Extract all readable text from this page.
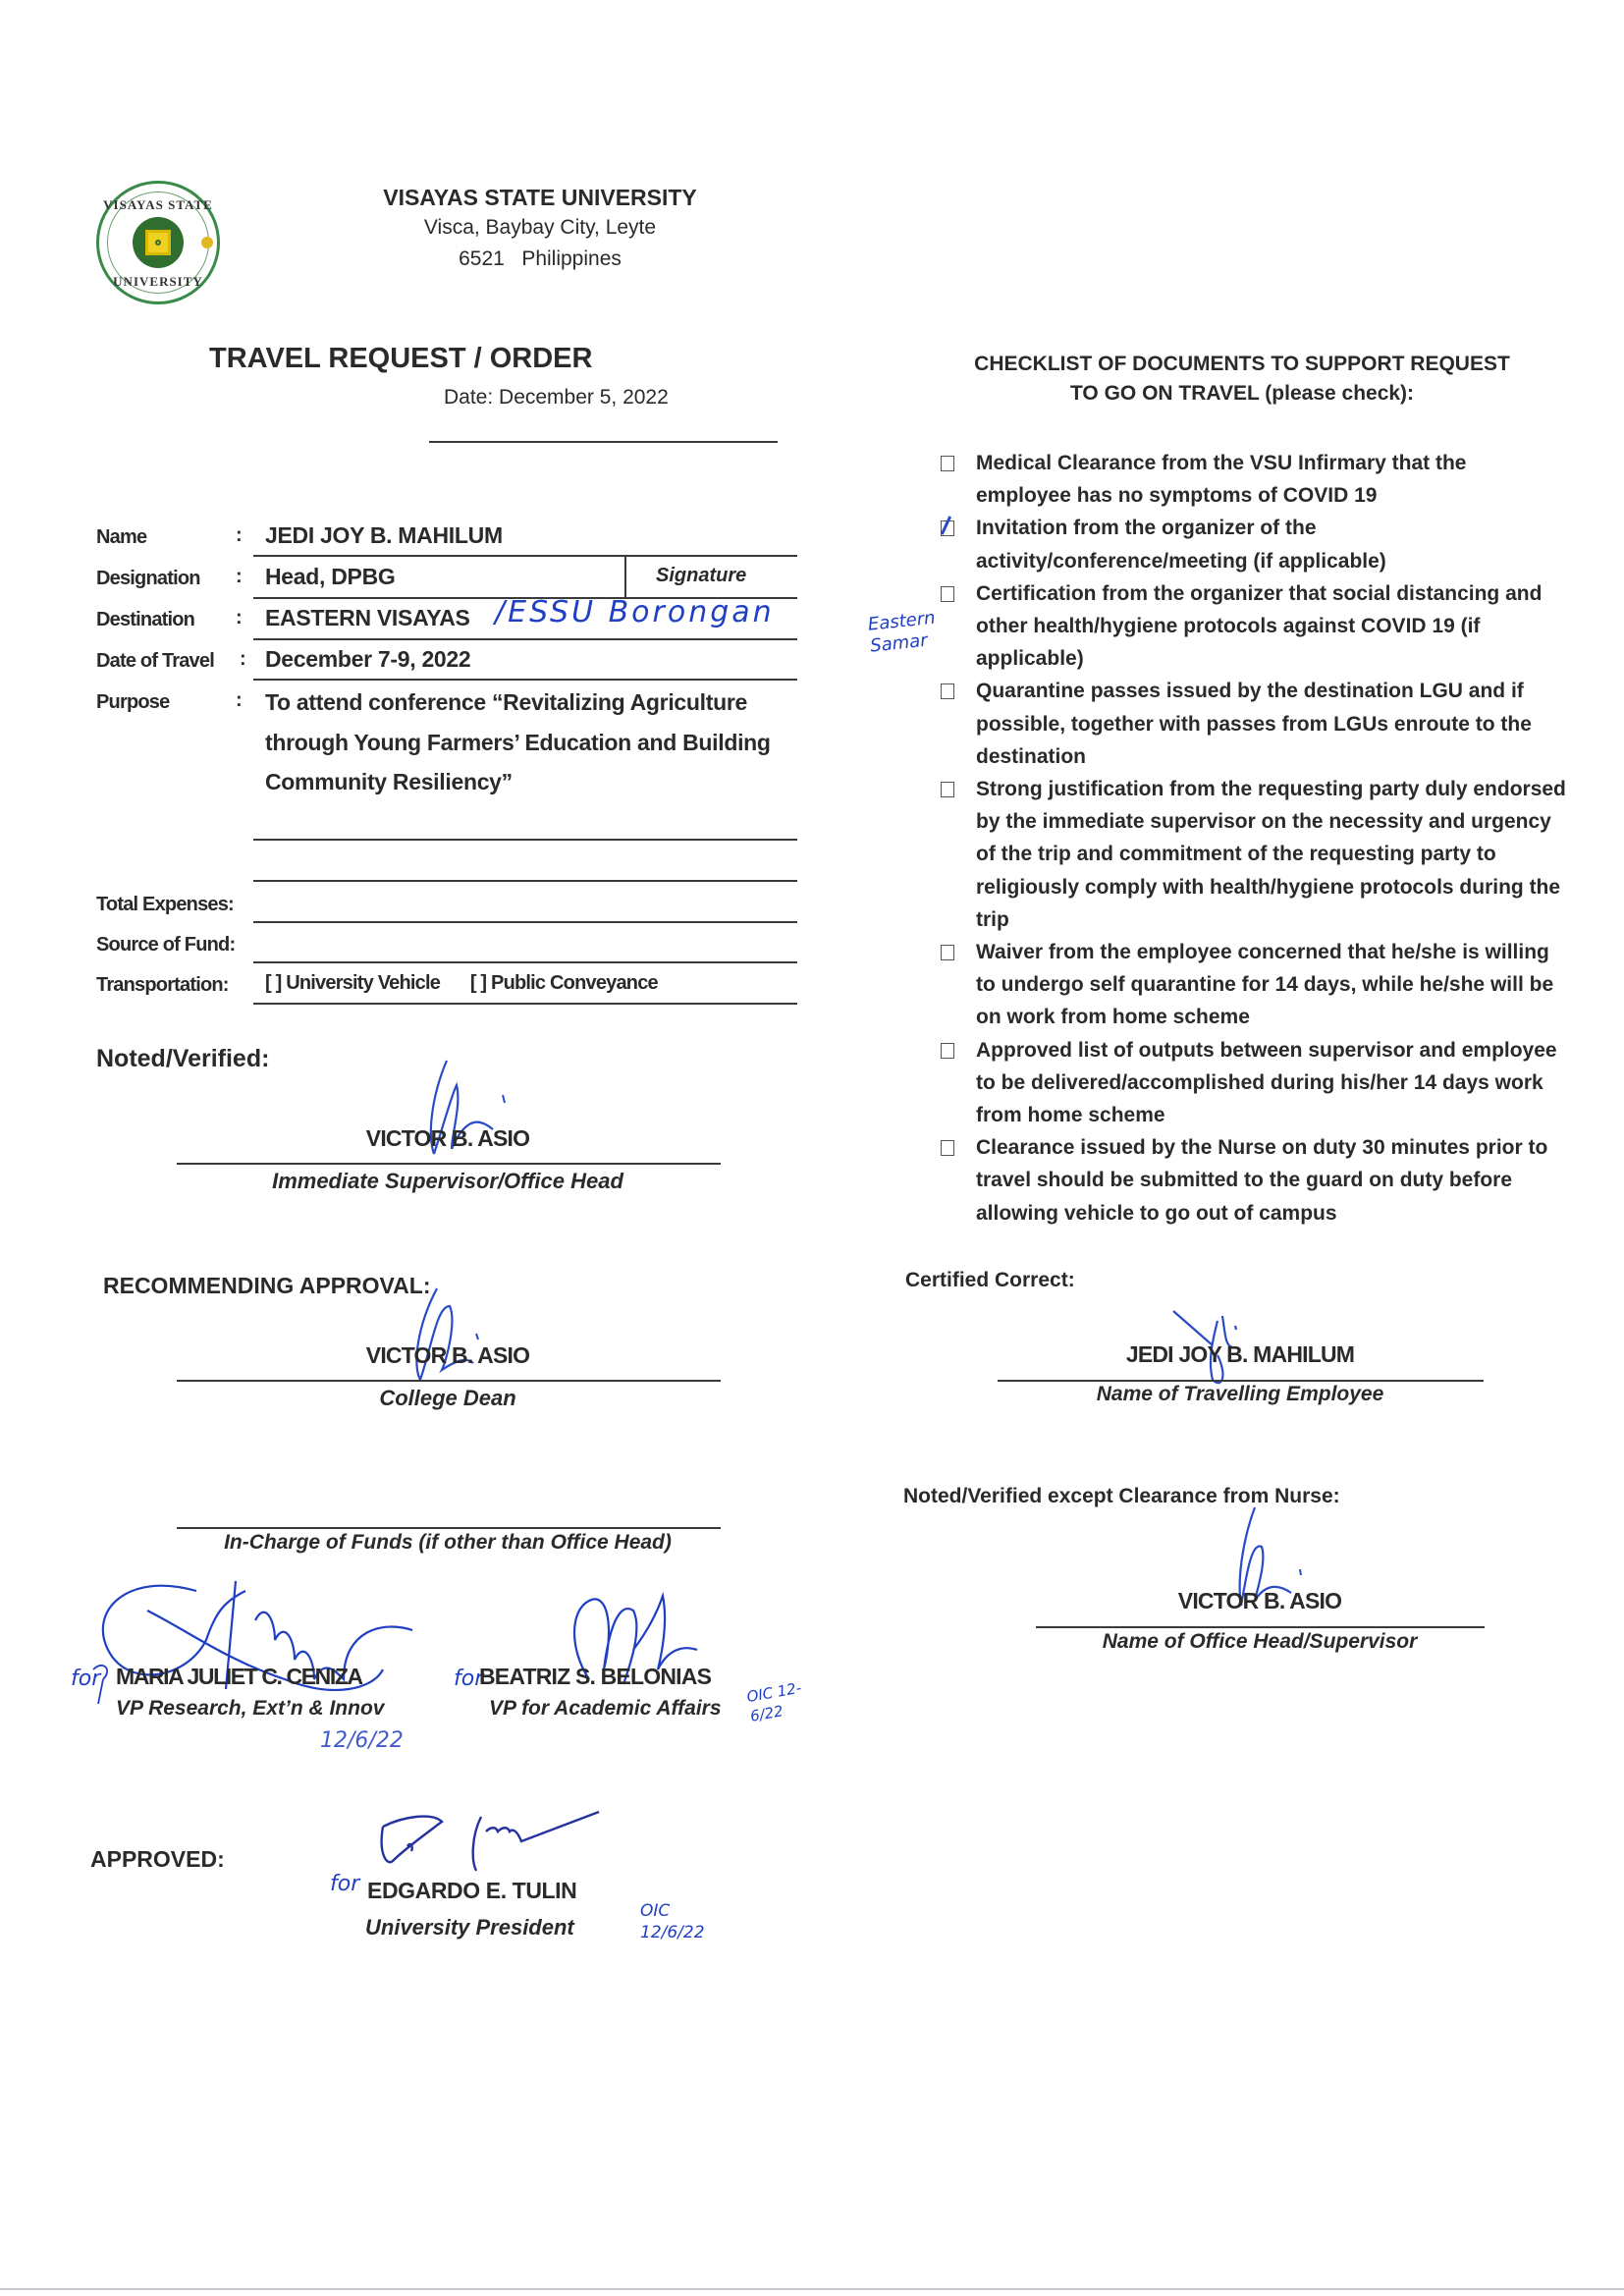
VISAYAS STATE
UNIVERSITY
VISAYAS STATE UNIVERSITY
Visca, Baybay City, Leyte
6521   Philippines
TRAVEL REQUEST / ORDER
Date: December 5, 2022
Name	: JEDI JOY B. MAHILUM
Designation : Head, DPBG	Signature
Destination : EASTERN VISAYAS /ESSU Borongan	Eastern Samar
Date of Travel : December 7-9, 2022
Purpose	: To attend conference “Revitalizing Agriculture through Young Farmers’ Education and Building Community Resiliency”
Total Expenses:
Source of Fund:
Transportation: [ ] University Vehicle [ ] Public Conveyance
Noted/Verified:
VICTOR B. ASIO
Immediate Supervisor/Office Head
RECOMMENDING APPROVAL:
VICTOR B. ASIO
College Dean
In-Charge of Funds (if other than Office Head)
for MARIA JULIET C. CENIZA
VP Research, Ext’n & Innov
12/6/22
for
BEATRIZ S. BELONIAS
VP for Academic Affairs
OIC 12-6/22
APPROVED:
for EDGARDO E. TULIN
University President
OIC 12/6/22
CHECKLIST OF DOCUMENTS TO SUPPORT REQUEST
TO GO ON TRAVEL (please check):
Medical Clearance from the VSU Infirmary that the employee has no symptoms of COVID 19
Invitation from the organizer of the activity/conference/meeting (if applicable)
Certification from the organizer that social distancing and other health/hygiene protocols against COVID 19 (if applicable)
Quarantine passes issued by the destination LGU and if possible, together with passes from LGUs enroute to the destination
Strong justification from the requesting party duly endorsed by the immediate supervisor on the necessity and urgency of the trip and commitment of the requesting party to religiously comply with health/hygiene protocols during the trip
Waiver from the employee concerned that he/she is willing to undergo self quarantine for 14 days, while he/she will be on work from home scheme
Approved list of outputs between supervisor and employee to be delivered/accomplished during his/her 14 days work from home scheme
Clearance issued by the Nurse on duty 30 minutes prior to travel should be submitted to the guard on duty before allowing vehicle to go out of campus
Certified Correct:
JEDI JOY B. MAHILUM
Name of Travelling Employee
Noted/Verified except Clearance from Nurse:
VICTOR B. ASIO
Name of Office Head/Supervisor
